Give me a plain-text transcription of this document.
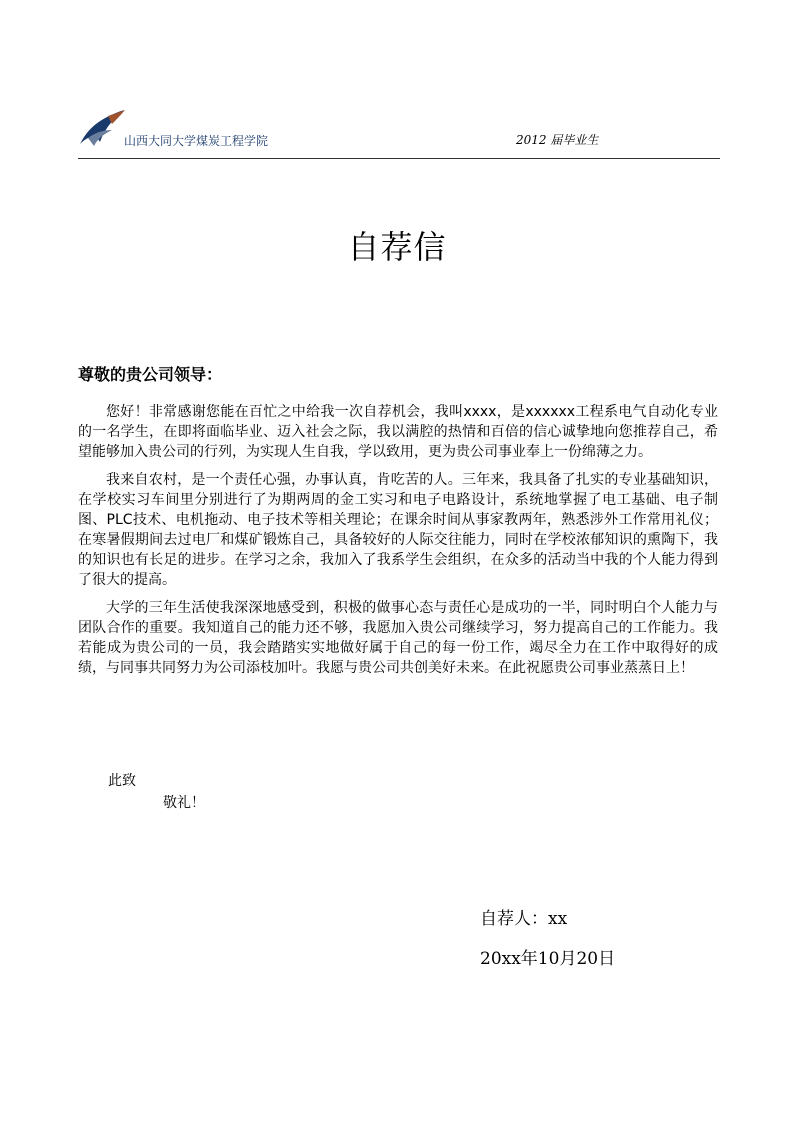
山西大同大学煤炭工程学院	2012 届毕业生
自荐信
尊敬的贵公司领导：

您好！非常感谢您能在百忙之中给我一次自荐机会，我叫xxxx，是xxxxxx工程系电气自动化专业的一名学生，在即将面临毕业、迈入社会之际，我以满腔的热情和百倍的信心诚挚地向您推荐自己，希望能够加入贵公司的行列，为实现人生自我，学以致用，更为贵公司事业奉上一份绵薄之力。

我来自农村，是一个责任心强，办事认真，肯吃苦的人。三年来，我具备了扎实的专业基础知识，在学校实习车间里分别进行了为期两周的金工实习和电子电路设计，系统地掌握了电工基础、电子制图、PLC技术、电机拖动、电子技术等相关理论；在课余时间从事家教两年，熟悉涉外工作常用礼仪；在寒暑假期间去过电厂和煤矿锻炼自己，具备较好的人际交往能力，同时在学校浓郁知识的熏陶下，我的知识也有长足的进步。在学习之余，我加入了我系学生会组织，在众多的活动当中我的个人能力得到了很大的提高。

大学的三年生活使我深深地感受到，积极的做事心态与责任心是成功的一半，同时明白个人能力与团队合作的重要。我知道自己的能力还不够，我愿加入贵公司继续学习，努力提高自己的工作能力。我若能成为贵公司的一员，我会踏踏实实地做好属于自己的每一份工作，竭尽全力在工作中取得好的成绩，与同事共同努力为公司添枝加叶。我愿与贵公司共创美好未来。在此祝愿贵公司事业蒸蒸日上！

此致
敬礼！
自荐人：xx
20xx年10月20日
